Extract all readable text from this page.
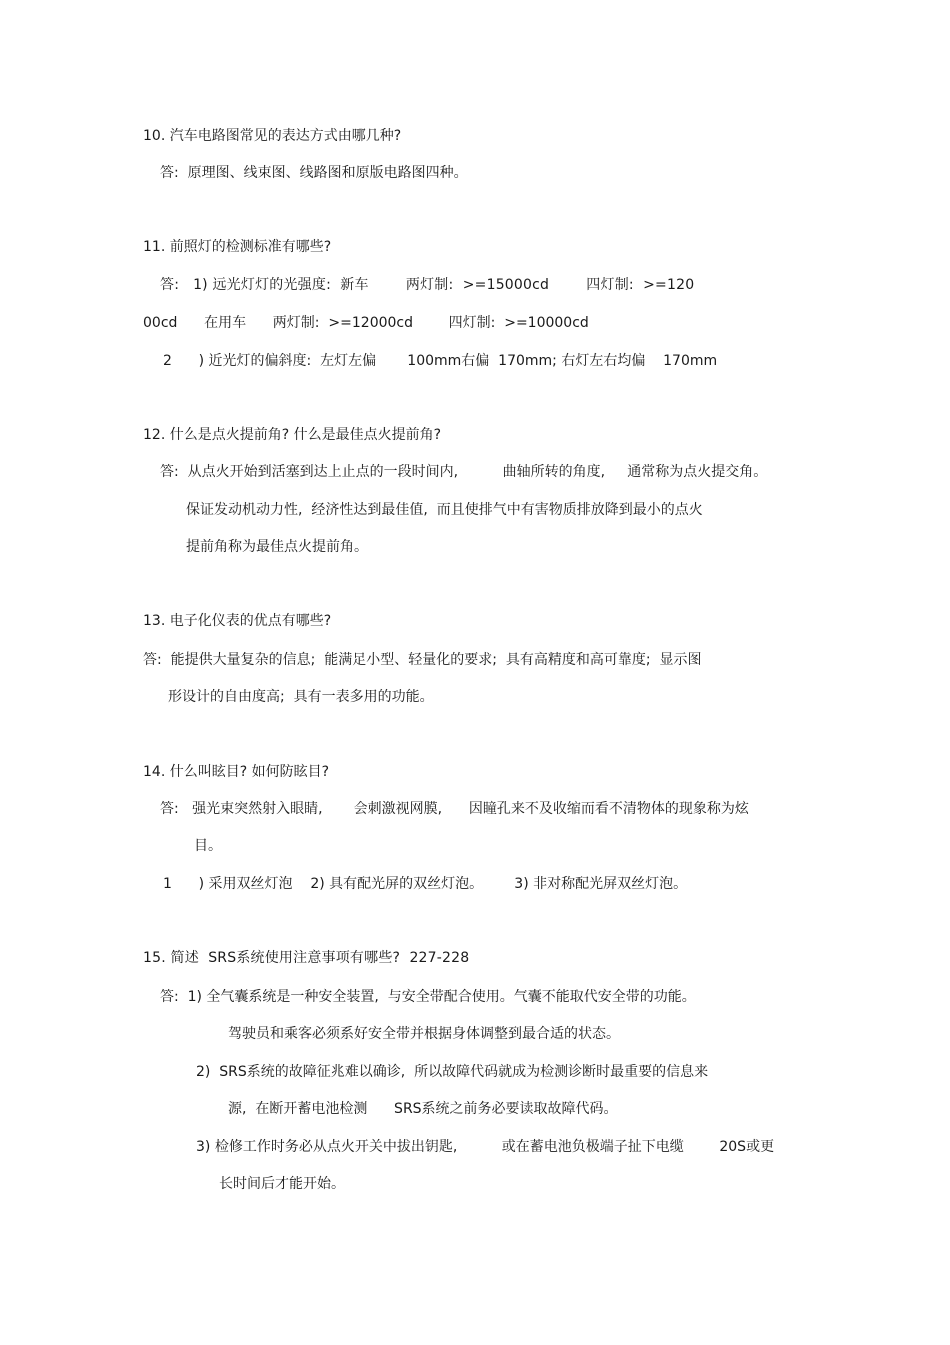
10. 汽车电路图常见的表达方式由哪几种?
答:  原理图、线束图、线路图和原版电路图四种。
11. 前照灯的检测标准有哪些?
答:   1) 远光灯灯的光强度:  新车        两灯制:  >=15000cd        四灯制:  >=120
00cd      在用车      两灯制:  >=12000cd        四灯制:  >=10000cd
2      ) 近光灯的偏斜度:  左灯左偏       100mm右偏  170mm; 右灯左右均偏    170mm
12. 什么是点火提前角? 什么是最佳点火提前角?
答:  从点火开始到活塞到达上止点的一段时间内,          曲轴所转的角度,     通常称为点火提交角。
保证发动机动力性,  经济性达到最佳值,  而且使排气中有害物质排放降到最小的点火
提前角称为最佳点火提前角。
13. 电子化仪表的优点有哪些?
答:  能提供大量复杂的信息;  能满足小型、轻量化的要求;  具有高精度和高可靠度;  显示图
形设计的自由度高;  具有一表多用的功能。
14. 什么叫眩目? 如何防眩目?
答:   强光束突然射入眼睛,       会刺激视网膜,      因瞳孔来不及收缩而看不清物体的现象称为炫
目。
1      ) 采用双丝灯泡    2) 具有配光屏的双丝灯泡。       3) 非对称配光屏双丝灯泡。
15. 简述  SRS系统使用注意事项有哪些?  227-228
答:  1) 全气囊系统是一种安全装置,  与安全带配合使用。气囊不能取代安全带的功能。
驾驶员和乘客必须系好安全带并根据身体调整到最合适的状态。
2)  SRS系统的故障征兆难以确诊,  所以故障代码就成为检测诊断时最重要的信息来
源,  在断开蓄电池检测      SRS系统之前务必要读取故障代码。
3) 检修工作时务必从点火开关中拔出钥匙,          或在蓄电池负极端子扯下电缆        20S或更
长时间后才能开始。
